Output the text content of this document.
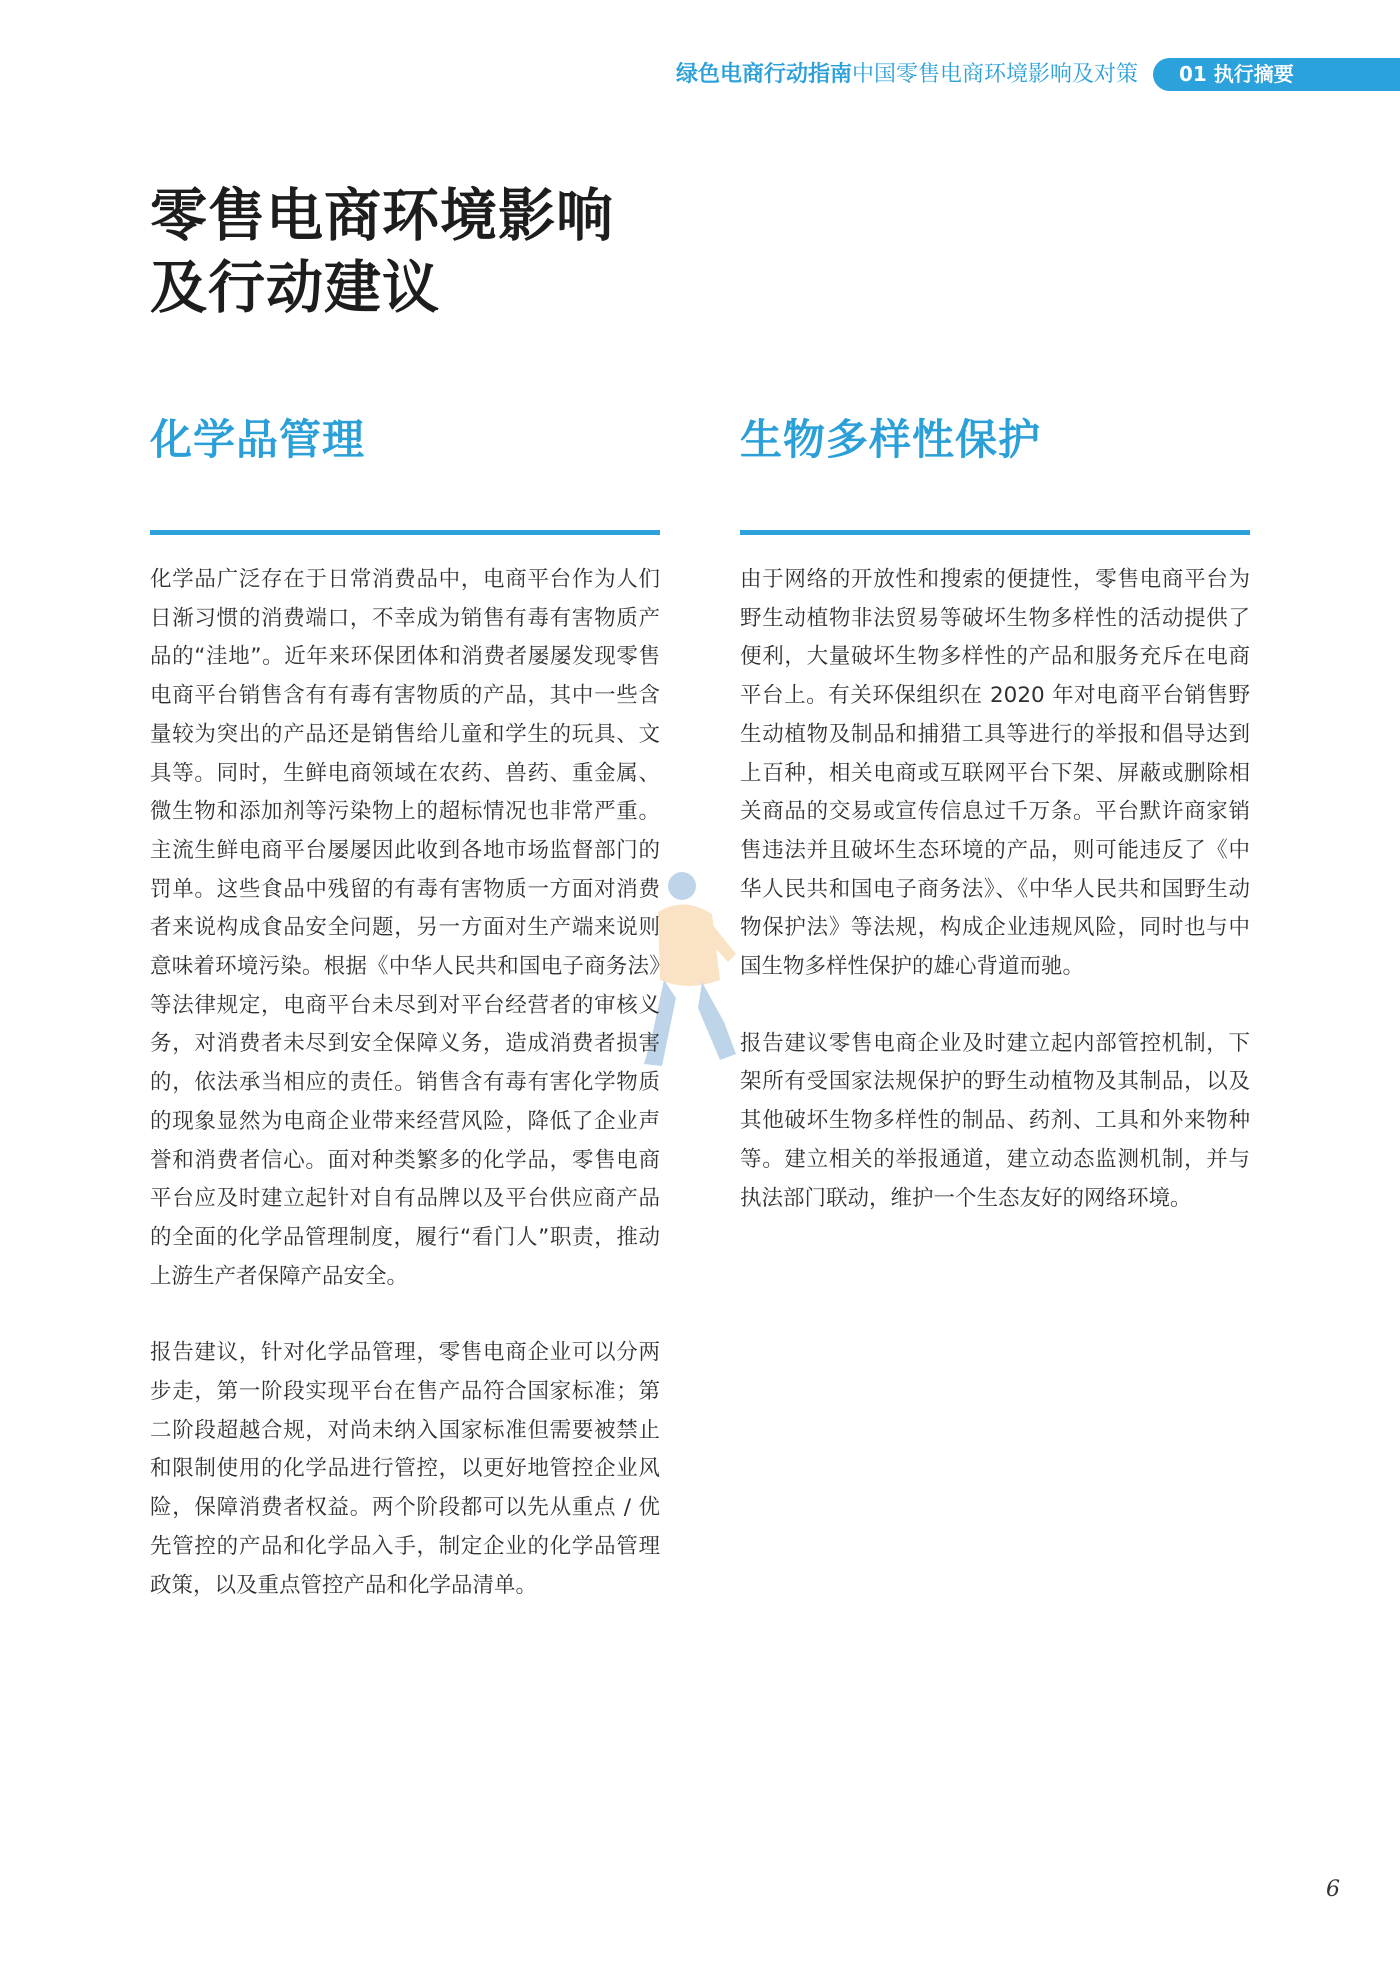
绿色电商行动指南中国零售电商环境影响及对策	01 执行摘要
零售电商环境影响
及行动建议
化学品管理

化学品广泛存在于日常消费品中，电商平台作为人们日渐习惯的消费端口，不幸成为销售有毒有害物质产品的“洼地”。近年来环保团体和消费者屡屡发现零售电商平台销售含有有毒有害物质的产品，其中一些含量较为突出的产品还是销售给儿童和学生的玩具、文具等。同时，生鲜电商领域在农药、兽药、重金属、微生物和添加剂等污染物上的超标情况也非常严重。主流生鲜电商平台屡屡因此收到各地市场监督部门的罚单。这些食品中残留的有毒有害物质一方面对消费者来说构成食品安全问题，另一方面对生产端来说则意味着环境污染。根据《中华人民共和国电子商务法》等法律规定，电商平台未尽到对平台经营者的审核义务，对消费者未尽到安全保障义务，造成消费者损害的，依法承当相应的责任。销售含有毒有害化学物质的现象显然为电商企业带来经营风险，降低了企业声誉和消费者信心。面对种类繁多的化学品，零售电商平台应及时建立起针对自有品牌以及平台供应商产品的全面的化学品管理制度，履行“看门人”职责，推动上游生产者保障产品安全。

报告建议，针对化学品管理，零售电商企业可以分两步走，第一阶段实现平台在售产品符合国家标准；第二阶段超越合规，对尚未纳入国家标准但需要被禁止和限制使用的化学品进行管控，以更好地管控企业风险，保障消费者权益。两个阶段都可以先从重点 / 优先管控的产品和化学品入手，制定企业的化学品管理政策，以及重点管控产品和化学品清单。

生物多样性保护

由于网络的开放性和搜索的便捷性，零售电商平台为野生动植物非法贸易等破坏生物多样性的活动提供了便利，大量破坏生物多样性的产品和服务充斥在电商平台上。有关环保组织在 2020 年对电商平台销售野生动植物及制品和捕猎工具等进行的举报和倡导达到上百种，相关电商或互联网平台下架、屏蔽或删除相关商品的交易或宣传信息过千万条。平台默许商家销售违法并且破坏生态环境的产品，则可能违反了《中华人民共和国电子商务法》、《中华人民共和国野生动物保护法》等法规，构成企业违规风险，同时也与中国生物多样性保护的雄心背道而驰。

报告建议零售电商企业及时建立起内部管控机制，下架所有受国家法规保护的野生动植物及其制品，以及其他破坏生物多样性的制品、药剂、工具和外来物种等。建立相关的举报通道，建立动态监测机制，并与执法部门联动，维护一个生态友好的网络环境。

6
